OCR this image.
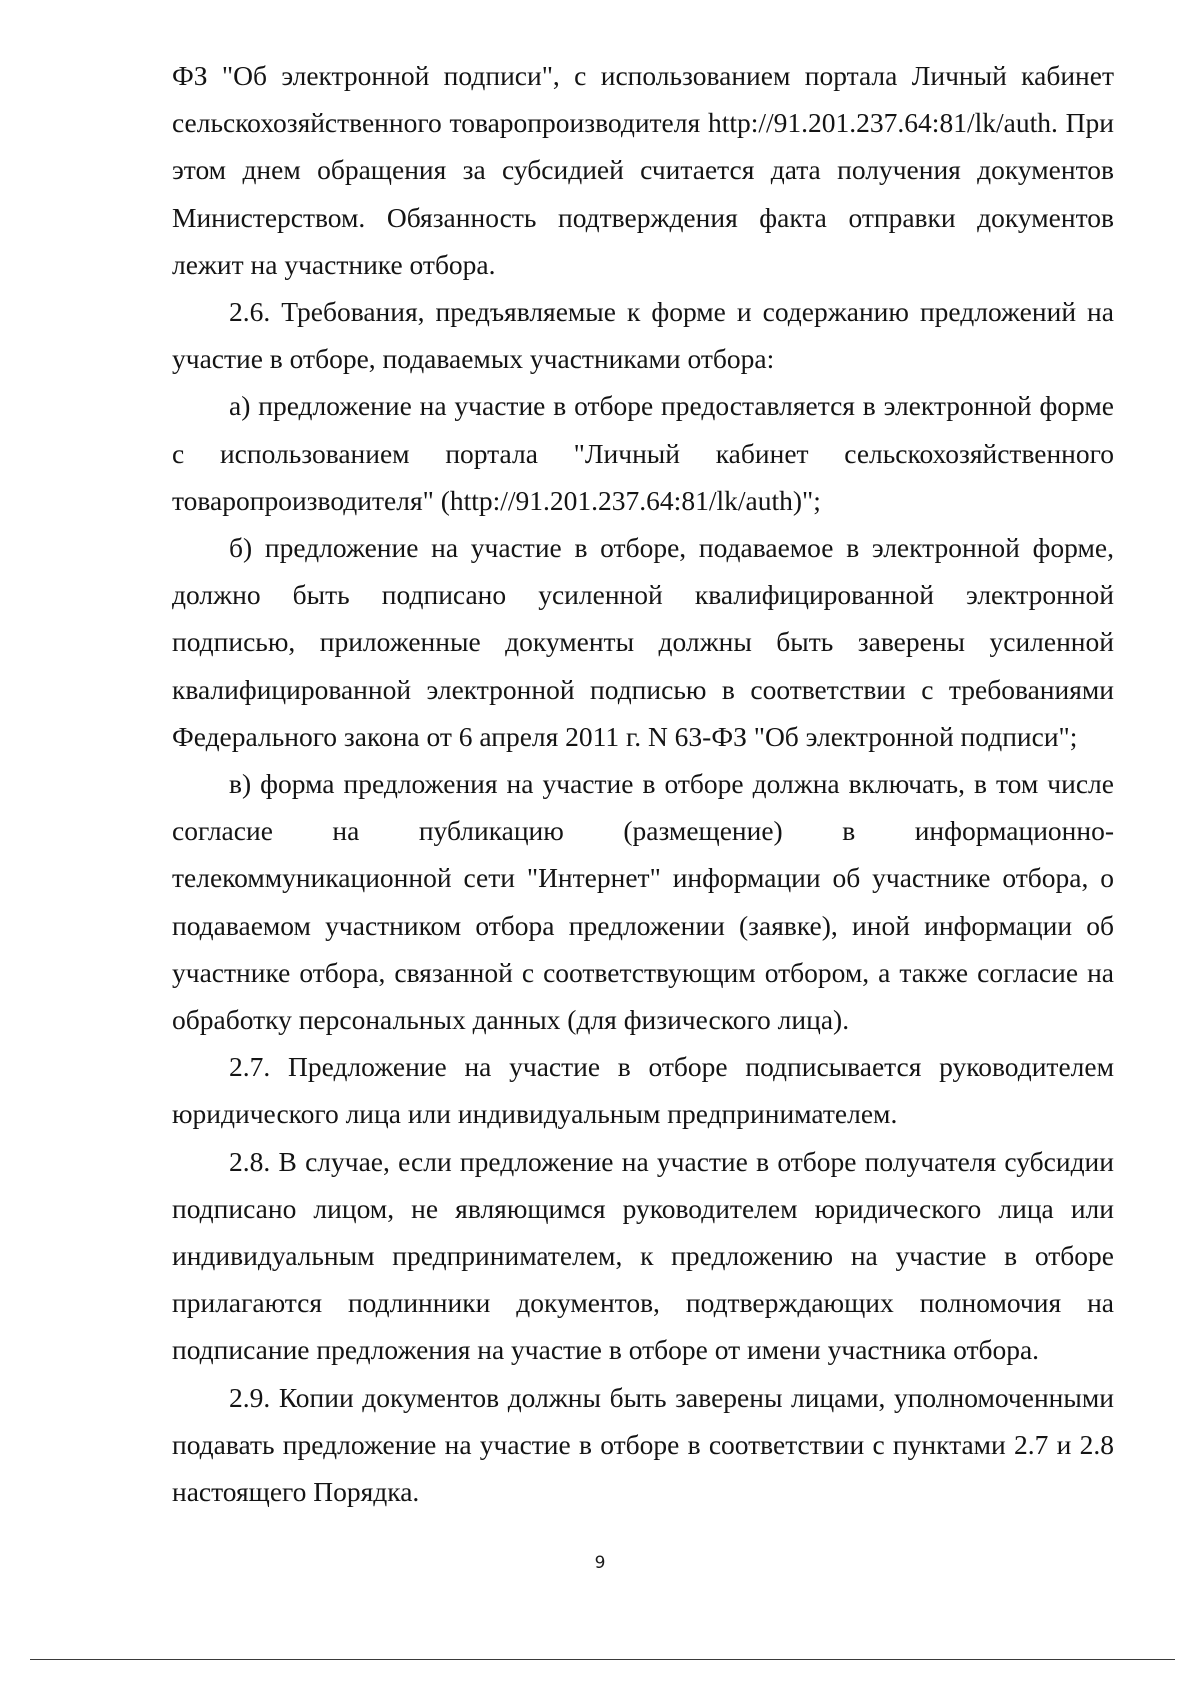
ФЗ "Об электронной подписи", с использованием портала Личный кабинет сельскохозяйственного товаропроизводителя http://91.201.237.64:81/lk/auth. При этом днем обращения за субсидией считается дата получения документов Министерством. Обязанность подтверждения факта отправки документов лежит на участнике отбора.

2.6. Требования, предъявляемые к форме и содержанию предложений на участие в отборе, подаваемых участниками отбора:

а) предложение на участие в отборе предоставляется в электронной форме с использованием портала "Личный кабинет сельскохозяйственного товаропроизводителя" (http://91.201.237.64:81/lk/auth)";

б) предложение на участие в отборе, подаваемое в электронной форме, должно быть подписано усиленной квалифицированной электронной подписью, приложенные документы должны быть заверены усиленной квалифицированной электронной подписью в соответствии с требованиями Федерального закона от 6 апреля 2011 г. N 63-ФЗ "Об электронной подписи";

в) форма предложения на участие в отборе должна включать, в том числе согласие на публикацию (размещение) в информационно-телекоммуникационной сети "Интернет" информации об участнике отбора, о подаваемом участником отбора предложении (заявке), иной информации об участнике отбора, связанной с соответствующим отбором, а также согласие на обработку персональных данных (для физического лица).

2.7. Предложение на участие в отборе подписывается руководителем юридического лица или индивидуальным предпринимателем.

2.8. В случае, если предложение на участие в отборе получателя субсидии подписано лицом, не являющимся руководителем юридического лица или индивидуальным предпринимателем, к предложению на участие в отборе прилагаются подлинники документов, подтверждающих полномочия на подписание предложения на участие в отборе от имени участника отбора.

2.9. Копии документов должны быть заверены лицами, уполномоченными подавать предложение на участие в отборе в соответствии с пунктами 2.7 и 2.8 настоящего Порядка.

9
